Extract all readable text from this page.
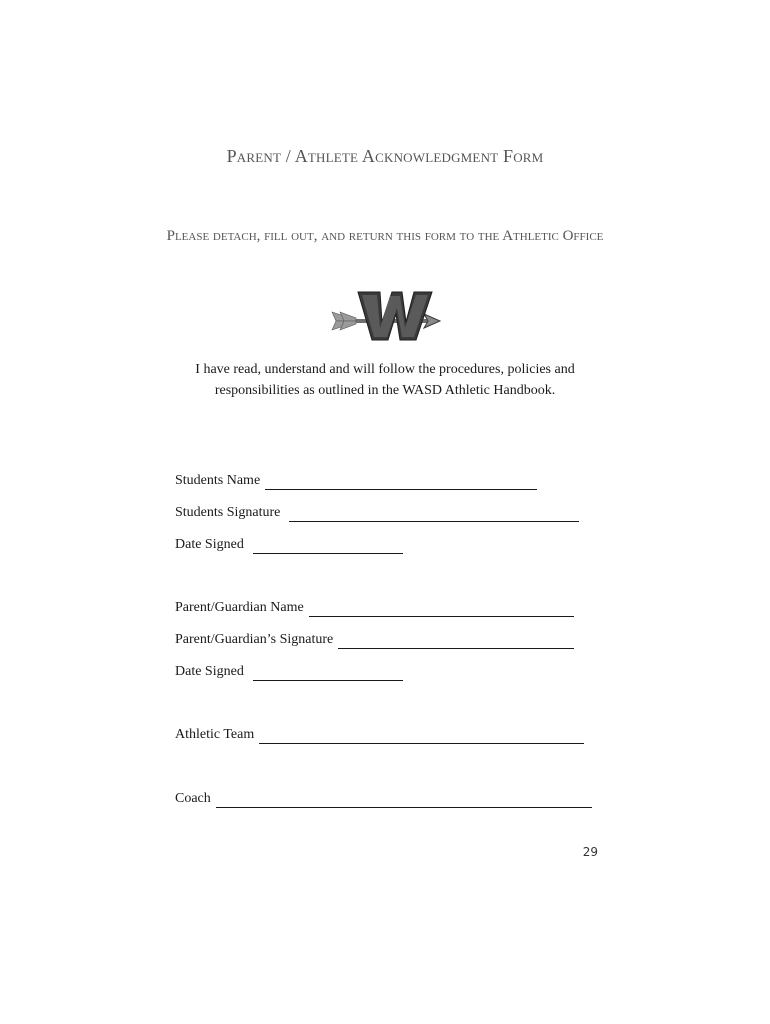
Parent / Athlete Acknowledgment Form
Please detach, fill out, and return this form to the Athletic Office
I have read, understand and will follow the procedures, policies and responsibilities as outlined in the WASD Athletic Handbook.
Students Name
Students Signature
Date Signed
Parent/Guardian Name
Parent/Guardian’s Signature
Date Signed
Athletic Team
Coach
29
